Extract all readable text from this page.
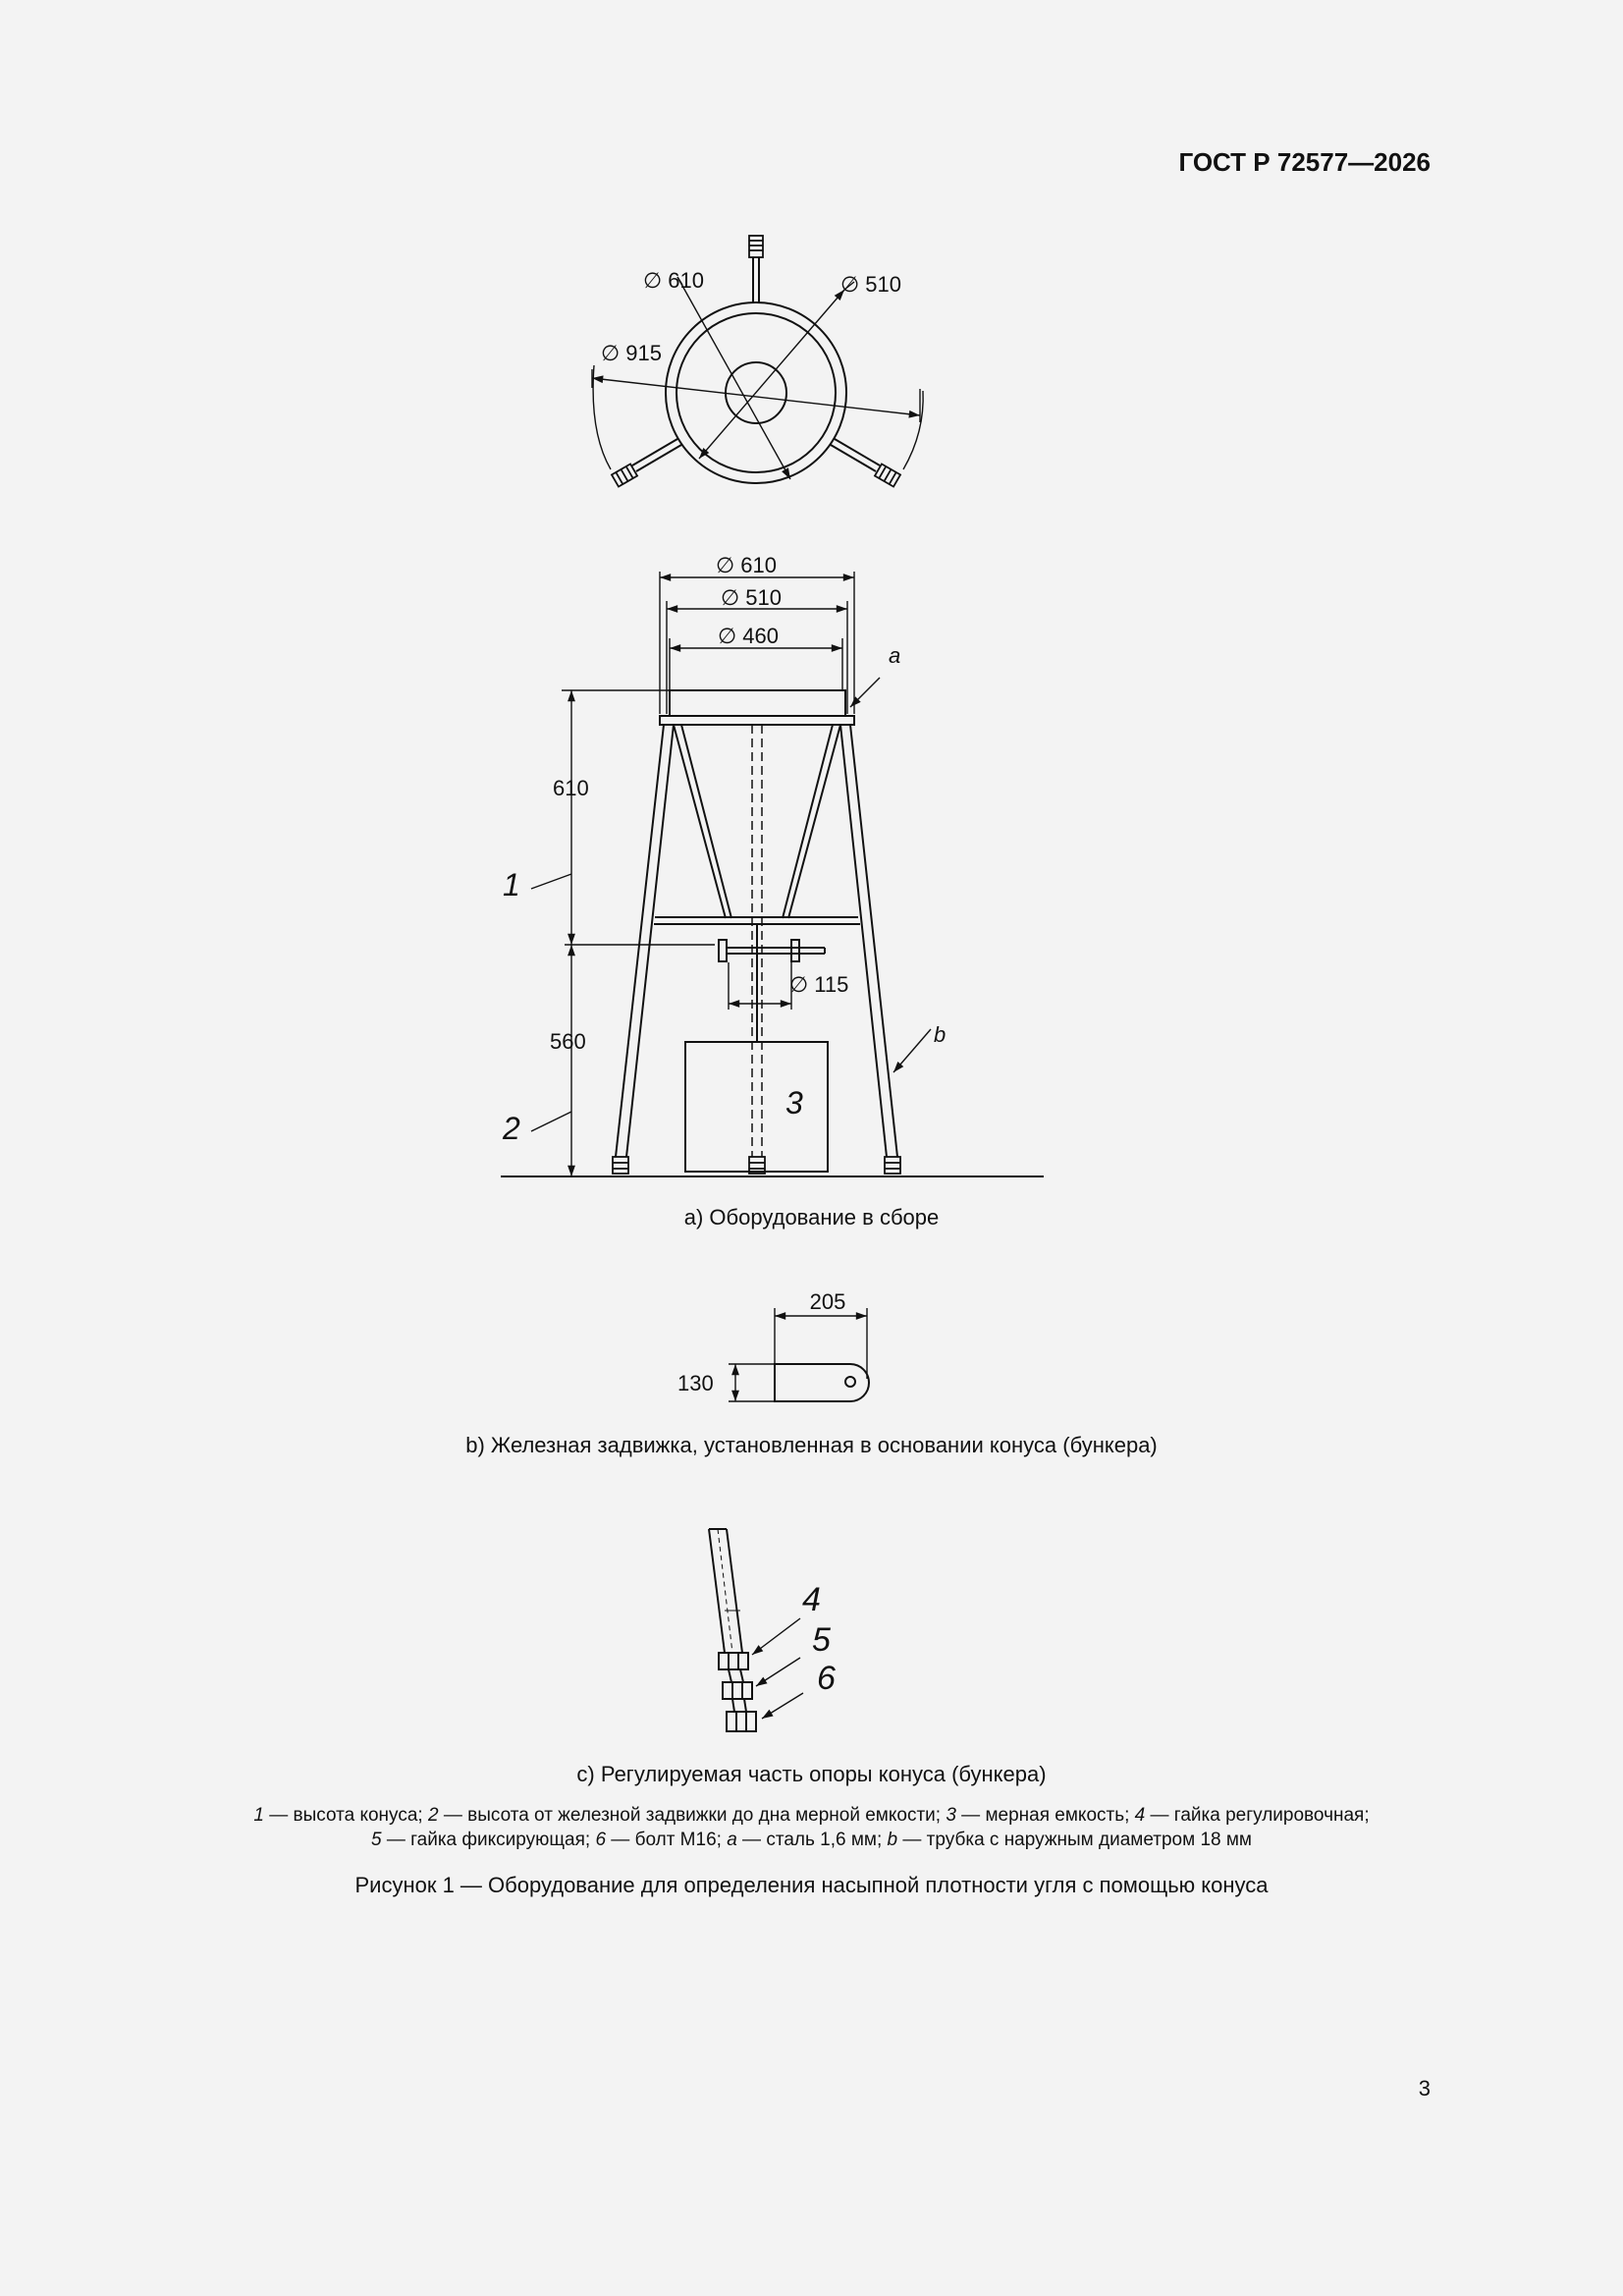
ГОСТ Р 72577—2026
∅ 610	∅ 510
∅ 915
∅ 610
∅ 510
∅ 460
∅ 115
610
560
a
b
1
2
3
205
130
4
5
6
a) Оборудование в сборе
b) Железная задвижка, установленная в основании конуса (бункера)
c) Регулируемая часть опоры конуса (бункера)
1 — высота конуса; 2 — высота от железной задвижки до дна мерной емкости; 3 — мерная емкость; 4 — гайка регулировочная;
5 — гайка фиксирующая; 6 — болт М16; a — сталь 1,6 мм; b — трубка с наружным диаметром 18 мм
Рисунок 1 — Оборудование для определения насыпной плотности угля с помощью конуса
3
